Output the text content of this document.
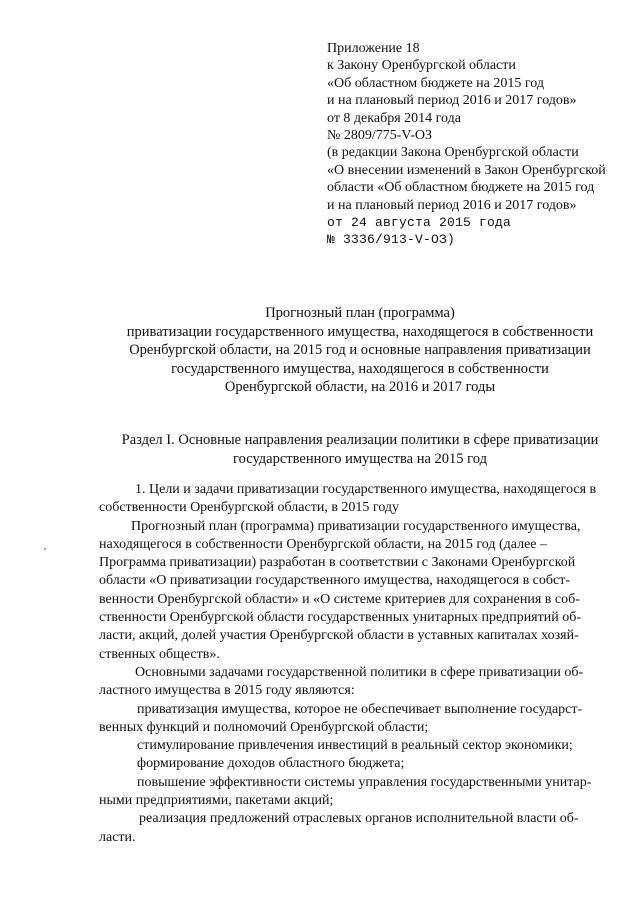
Приложение 18
к Закону Оренбургской области
«Об областном бюджете на 2015 год
и на плановый период 2016 и 2017 годов»
от 8 декабря 2014 года
№ 2809/775-V-ОЗ
(в редакции Закона Оренбургской области
«О внесении изменений в Закон Оренбургской
области «Об областном бюджете на 2015 год
и на плановый период 2016 и 2017 годов»
от 24 августа 2015 года
№ 3336/913-V-ОЗ)
Прогнозный план (программа)
приватизации государственного имущества, находящегося в собственности
Оренбургской области, на 2015 год и основные направления приватизации
государственного имущества, находящегося в собственности
Оренбургской области, на 2016 и 2017 годы
Раздел I. Основные направления реализации политики в сфере приватизации
государственного имущества на 2015 год

1. Цели и задачи приватизации государственного имущества, находящегося в
собственности Оренбургской области, в 2015 году

Прогнозный план (программа) приватизации государственного имущества,
находящегося в собственности Оренбургской области, на 2015 год (далее –
Программа приватизации) разработан в соответствии с Законами Оренбургской
области «О приватизации государственного имущества, находящегося в собст-
венности Оренбургской области» и «О системе критериев для сохранения в соб-
ственности Оренбургской области государственных унитарных предприятий об-
ласти, акций, долей участия Оренбургской области в уставных капиталах хозяй-
ственных обществ».

Основными задачами государственной политики в сфере приватизации об-
ластного имущества в 2015 году являются:

приватизация имущества, которое не обеспечивает выполнение государст-
венных функций и полномочий Оренбургской области;

стимулирование привлечения инвестиций в реальный сектор экономики;

формирование доходов областного бюджета;

повышение эффективности системы управления государственными унитар-
ными предприятиями, пакетами акций;

реализация предложений отраслевых органов исполнительной власти об-
ласти.
